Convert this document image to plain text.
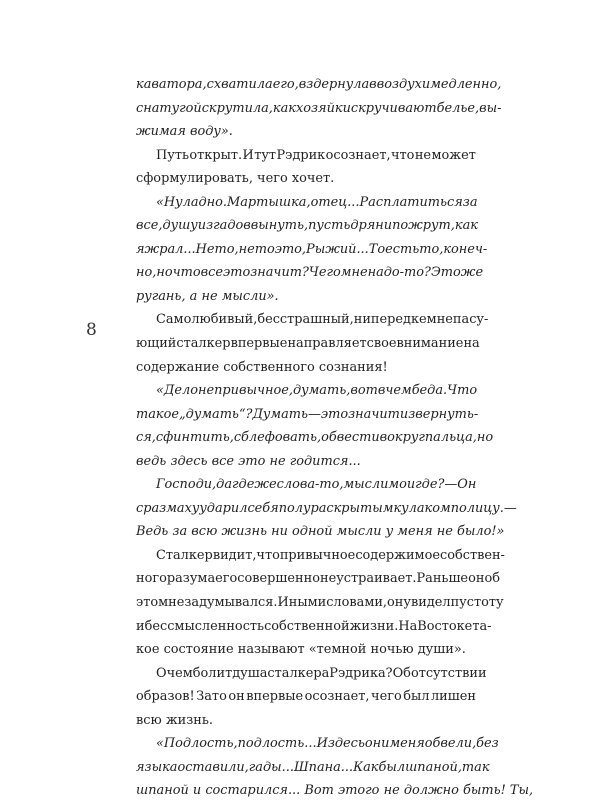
8
каватора, схватила его, вздернула в воздух и медленно,
с натугой скрутила, как хозяйки скручивают белье, вы-
жимая воду».
Путь открыт. И тут Рэдрик осознает, что не может
сформулировать, чего хочет.
«Ну ладно. Мартышка, отец... Расплатиться за
все, душу из гадов вынуть, пусть дряни пожрут, как
я жрал... Не то, не то это, Рыжий... То есть то, конеч-
но, но что все это значит? Чего мне надо-то? Это же
ругань, а не мысли».
Самолюбивый, бесстрашный, ни перед кем не пасу-
ющий сталкер впервые направляет свое внимание на
содержание собственного сознания!
«Дело непривычное, думать, вот в чем беда. Что
такое „думать“? Думать — это значит извернуть-
ся, сфинтить, сблефовать, обвести вокруг пальца, но
ведь здесь все это не годится...
Господи, да где же слова-то, мысли мои где? — Он
с размаху ударил себя полураскрытым кулаком по лицу. —
Ведь за всю жизнь ни одной мысли у меня не было!»
Сталкер видит, что привычное содержимое собствен-
ного разума его совершенно не устраивает. Раньше он об
этом не задумывался. Иными словами, он увидел пустоту
и бессмысленность собственной жизни. На Востоке та-
кое состояние называют «темной ночью души».
О чем болит душа сталкера Рэдрика? Об отсутствии
образов! Зато он впервые осознает, чего был лишен
всю жизнь.
«Подлость, подлость... И здесь они меня обвели, без
языка оставили, гады... Шпана... Как был шпаной, так
шпаной и состарился... Вот этого не должно быть! Ты,
